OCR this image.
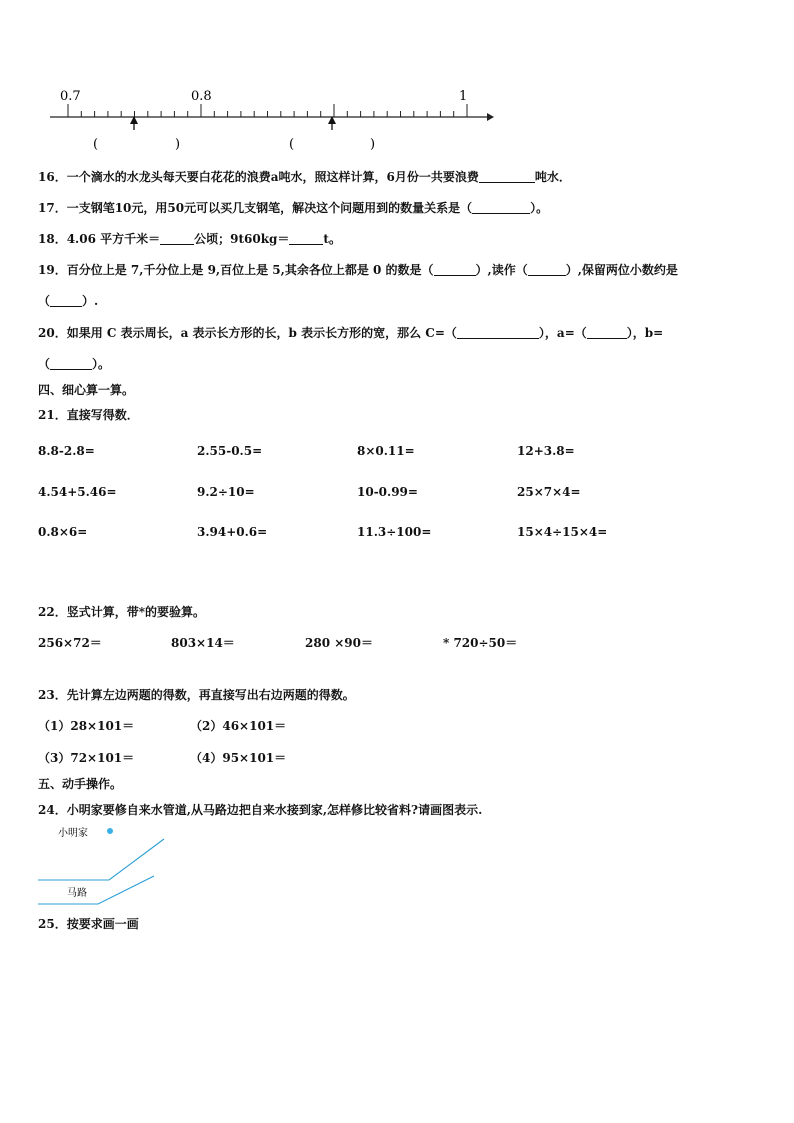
0.7	0.8	1
(	)	(	)
16．一个滴水的水龙头每天要白花花的浪费a吨水，照这样计算，6月份一共要浪费	吨水．
17．一支钢笔10元，用50元可以买几支钢笔，解决这个问题用到的数量关系是（	）。
18．4.06 平方千米＝	公顷；9t60kg＝	t。
19．百分位上是 7,千分位上是 9,百位上是 5,其余各位上都是 0 的数是（	）,读作（	）,保留两位小数约是
（	）.
20．如果用 C 表示周长，a 表示长方形的长，b 表示长方形的宽，那么 C=（	），a=（	），b=
（	）。
四、细心算一算。
21．直接写得数．
8.8-2.8=	2.55-0.5=	8×0.11=	12+3.8=
4.54+5.46=	9.2÷10=	10-0.99=	25×7×4=
0.8×6=	3.94+0.6=	11.3÷100=	15×4÷15×4=
22．竖式计算，带*的要验算。
256×72＝	803×14＝	280 ×90＝	* 720÷50＝
23．先计算左边两题的得数，再直接写出右边两题的得数。
（1）28×101＝	（2）46×101＝
（3）72×101＝	（4）95×101＝
五、动手操作。
24．小明家要修自来水管道,从马路边把自来水接到家,怎样修比较省料?请画图表示.
小明家
马路
25．按要求画一画
